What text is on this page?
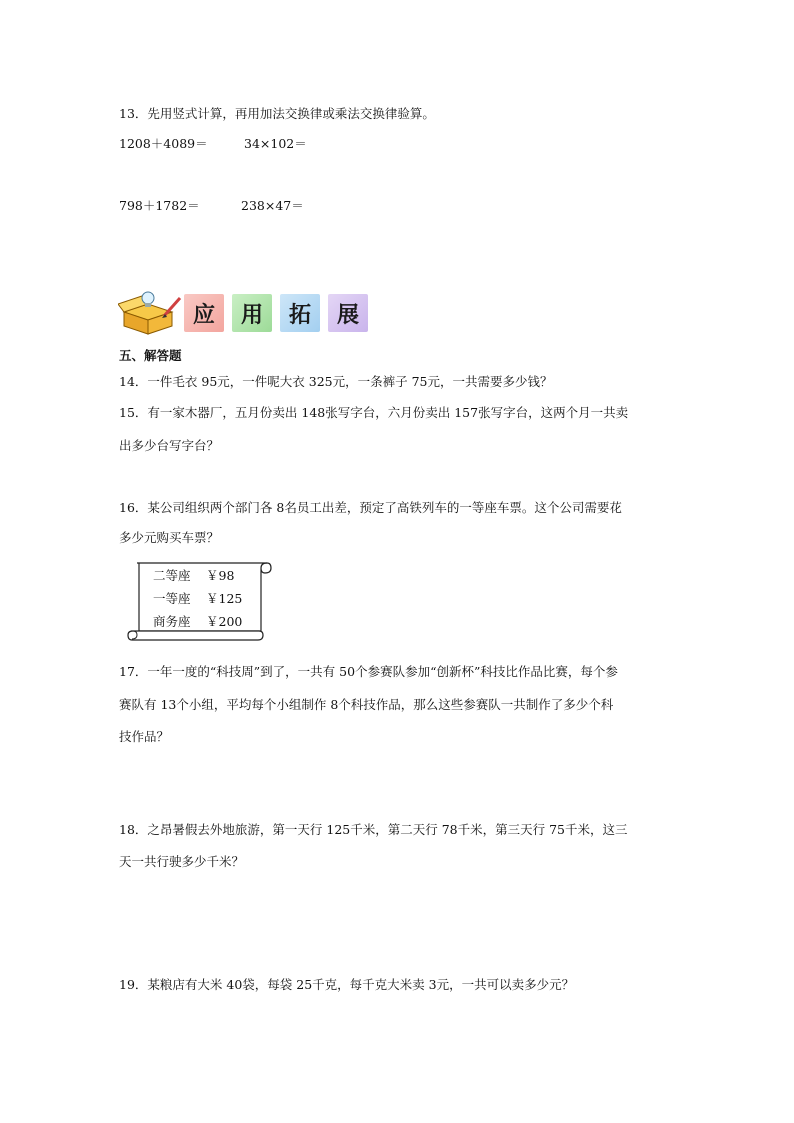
13．先用竖式计算，再用加法交换律或乘法交换律验算。
1208＋4089＝	34×102＝
798＋1782＝	238×47＝
应	用	拓	展
五、解答题
14．一件毛衣 95元，一件呢大衣 325元，一条裤子 75元，一共需要多少钱？
15．有一家木器厂，五月份卖出 148张写字台，六月份卖出 157张写字台，这两个月一共卖
出多少台写字台？
16．某公司组织两个部门各 8名员工出差，预定了高铁列车的一等座车票。这个公司需要花
多少元购买车票？
二等座 ￥98
一等座 ￥125
商务座 ￥200
17．一年一度的“科技周”到了，一共有 50个参赛队参加“创新杯”科技比作品比赛，每个参
赛队有 13个小组，平均每个小组制作 8个科技作品，那么这些参赛队一共制作了多少个科
技作品？
18．之昂暑假去外地旅游，第一天行 125千米，第二天行 78千米，第三天行 75千米，这三
天一共行驶多少千米？
19．某粮店有大米 40袋，每袋 25千克，每千克大米卖 3元，一共可以卖多少元？
